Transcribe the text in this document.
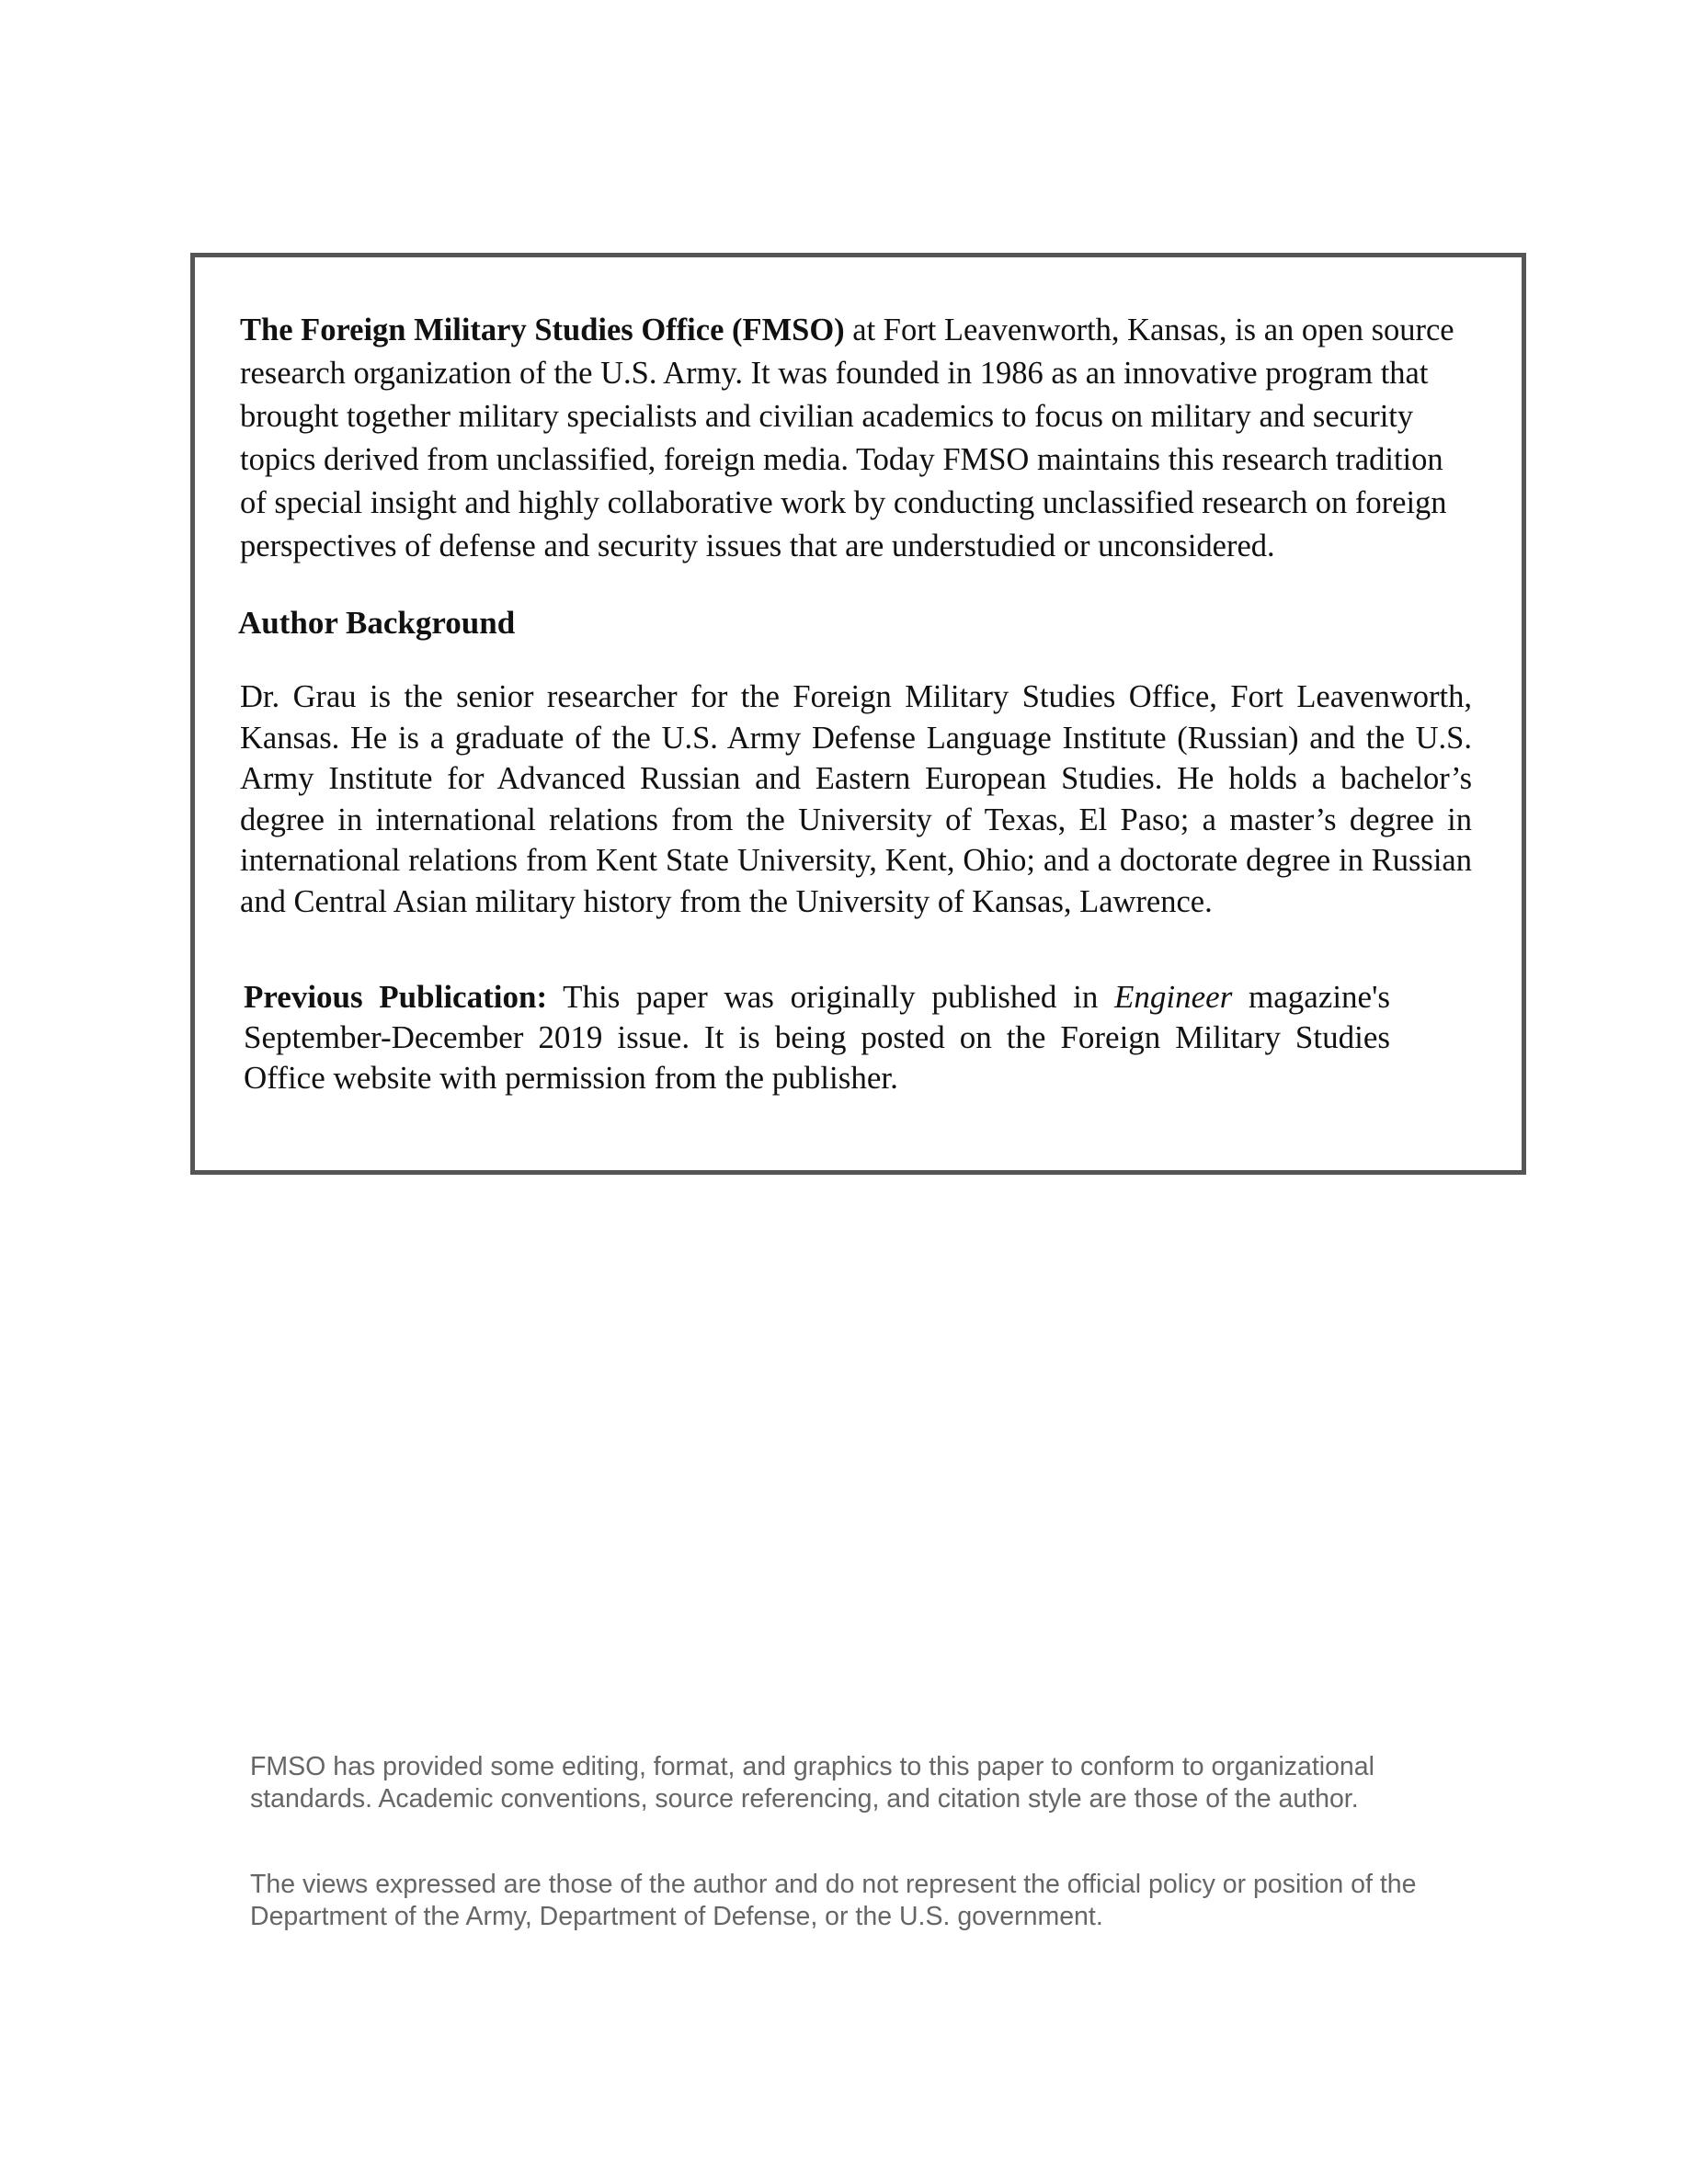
The Foreign Military Studies Office (FMSO) at Fort Leavenworth, Kansas, is an open source research organization of the U.S. Army. It was founded in 1986 as an innovative program that brought together military specialists and civilian academics to focus on military and security topics derived from unclassified, foreign media. Today FMSO maintains this research tradition of special insight and highly collaborative work by conducting unclassified research on foreign perspectives of defense and security issues that are understudied or unconsidered.

Author Background

Dr. Grau is the senior researcher for the Foreign Military Studies Office, Fort Leavenworth, Kansas. He is a graduate of the U.S. Army Defense Language Institute (Russian) and the U.S. Army Institute for Advanced Russian and Eastern European Studies. He holds a bachelor’s degree in international relations from the University of Texas, El Paso; a master’s degree in international relations from Kent State University, Kent, Ohio; and a doctorate degree in Russian and Central Asian military history from the University of Kansas, Lawrence.

Previous Publication: This paper was originally published in Engineer magazine's September-December 2019 issue. It is being posted on the Foreign Military Studies Office website with permission from the publisher.

FMSO has provided some editing, format, and graphics to this paper to conform to organizational standards. Academic conventions, source referencing, and citation style are those of the author.

The views expressed are those of the author and do not represent the official policy or position of the Department of the Army, Department of Defense, or the U.S. government.
